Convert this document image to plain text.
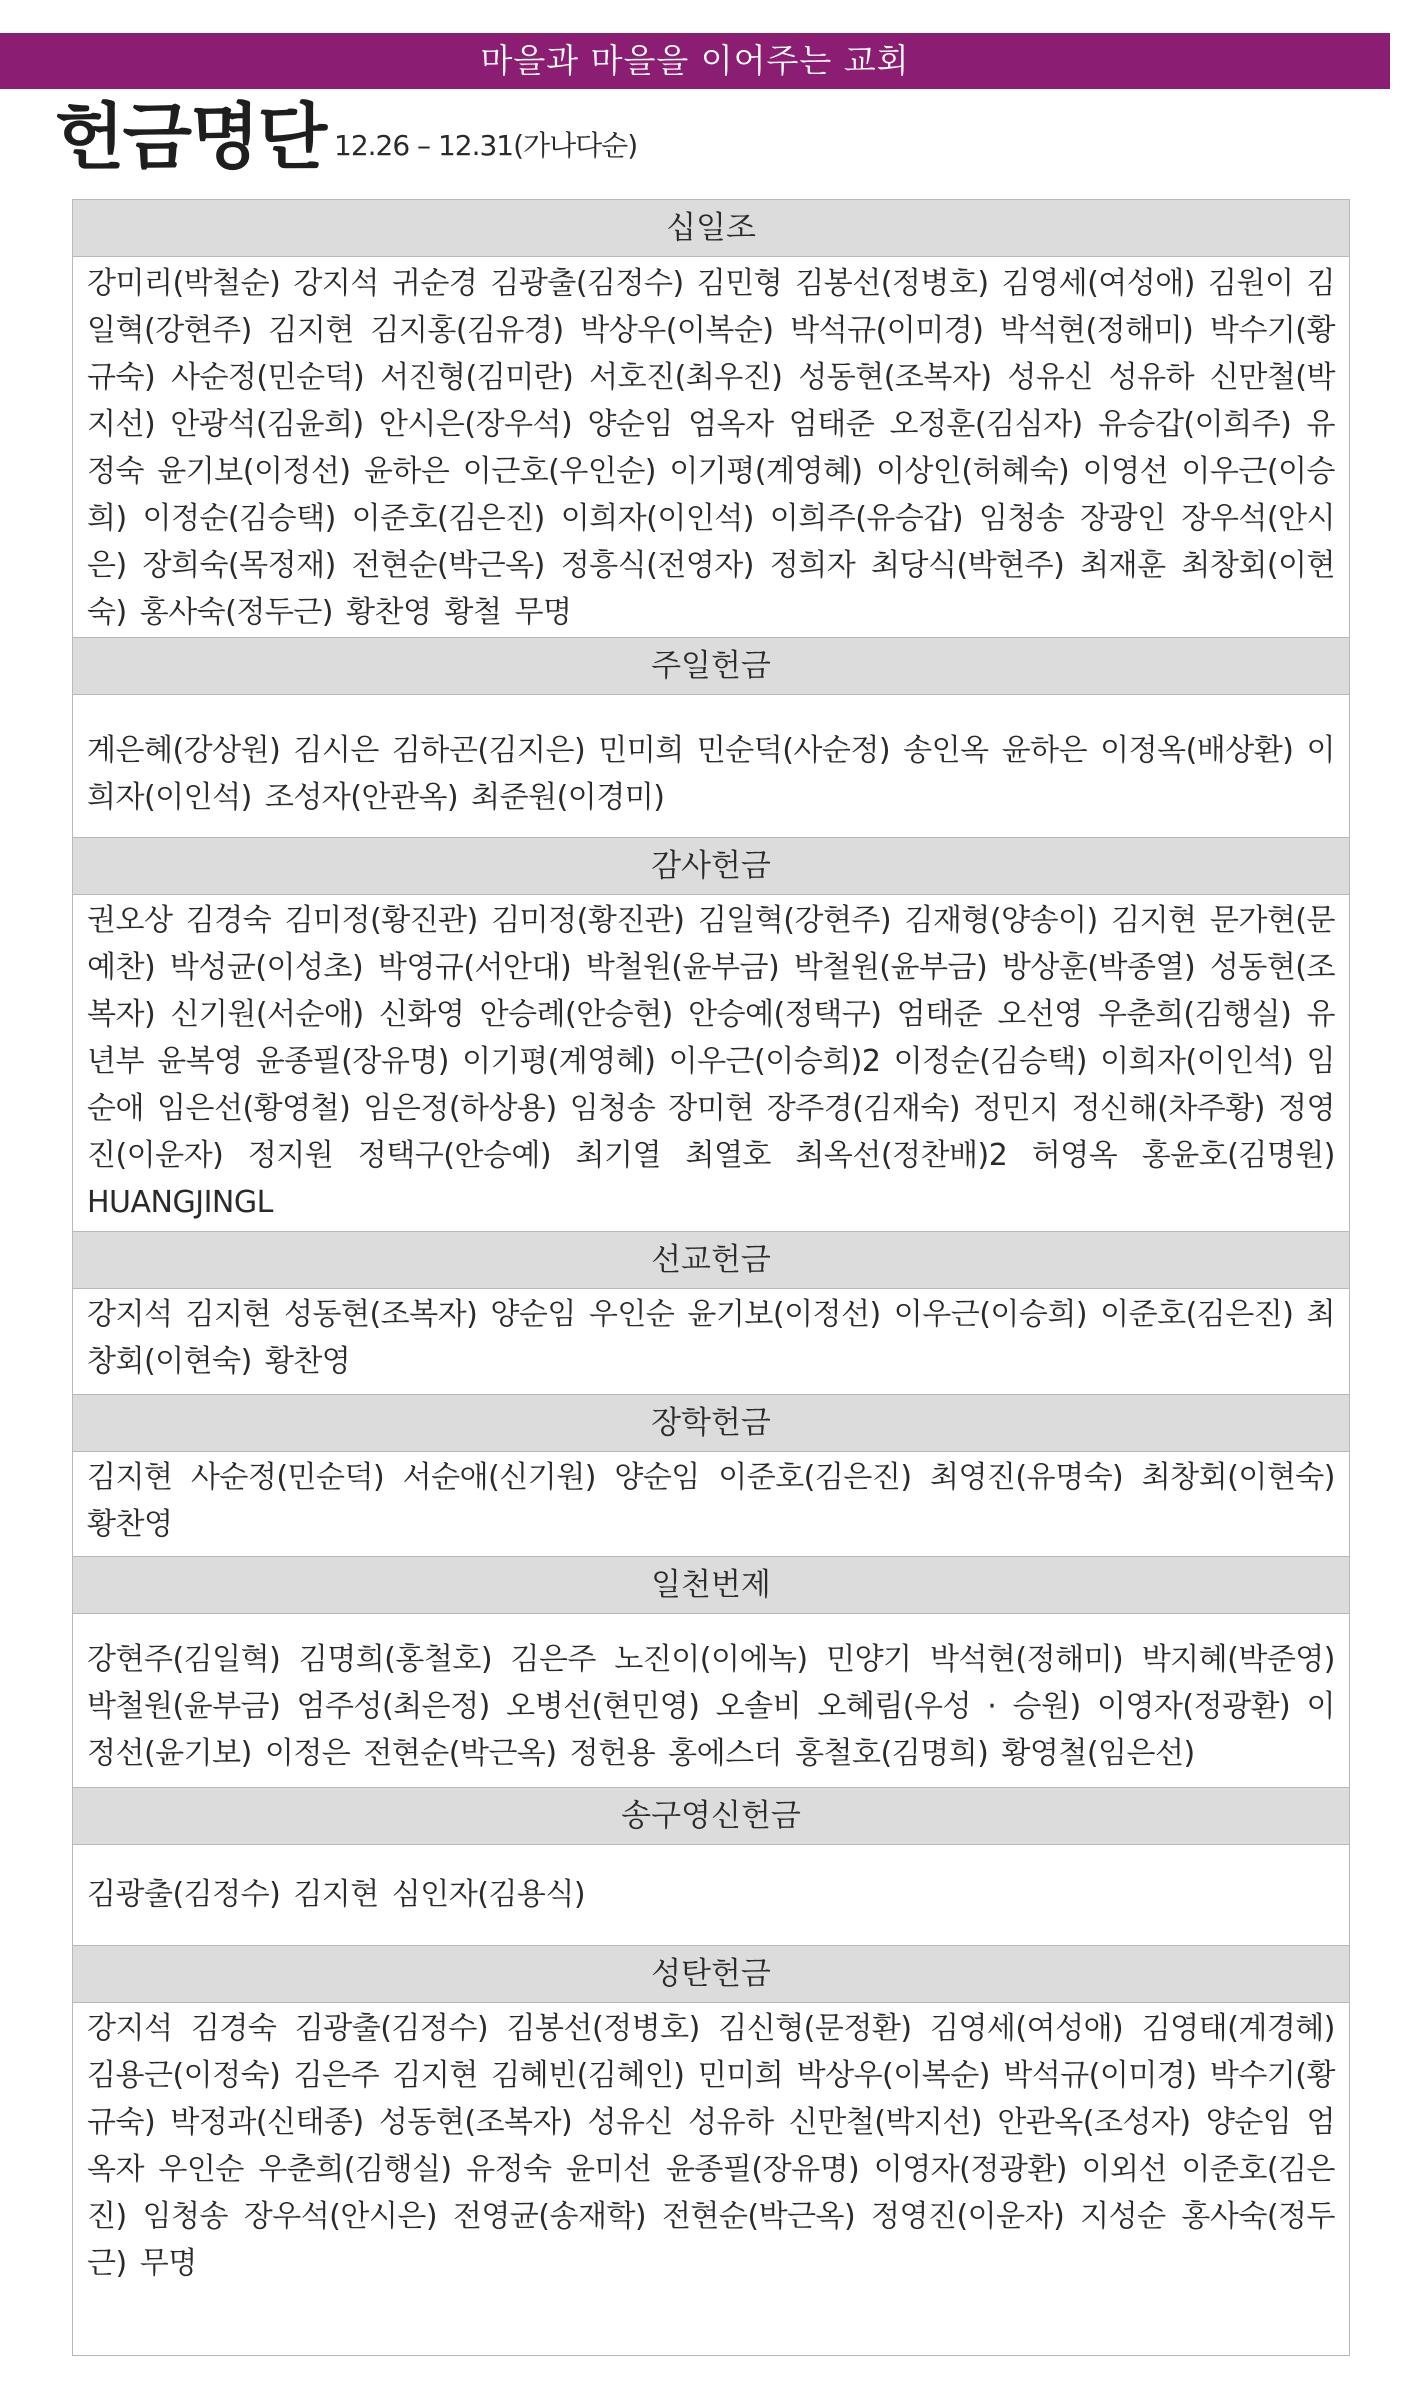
마을과 마을을 이어주는 교회
헌금명단 12.26 – 12.31(가나다순)
십일조
강미리(박철순) 강지석 귀순경 김광출(김정수) 김민형 김봉선(정병호) 김영세(여성애) 김원이 김일혁(강현주) 김지현 김지홍(김유경) 박상우(이복순) 박석규(이미경) 박석현(정해미) 박수기(황규숙) 사순정(민순덕) 서진형(김미란) 서호진(최우진) 성동현(조복자) 성유신 성유하 신만철(박지선) 안광석(김윤희) 안시은(장우석) 양순임 엄옥자 엄태준 오정훈(김심자) 유승갑(이희주) 유정숙 윤기보(이정선) 윤하은 이근호(우인순) 이기평(계영혜) 이상인(허혜숙) 이영선 이우근(이승희) 이정순(김승택) 이준호(김은진) 이희자(이인석) 이희주(유승갑) 임청송 장광인 장우석(안시은) 장희숙(목정재) 전현순(박근옥) 정흥식(전영자) 정희자 최당식(박현주) 최재훈 최창회(이현숙) 홍사숙(정두근) 황찬영 황철 무명
주일헌금
계은혜(강상원) 김시은 김하곤(김지은) 민미희 민순덕(사순정) 송인옥 윤하은 이정옥(배상환) 이희자(이인석) 조성자(안관옥) 최준원(이경미)
감사헌금
권오상 김경숙 김미정(황진관) 김미정(황진관) 김일혁(강현주) 김재형(양송이) 김지현 문가현(문예찬) 박성균(이성초) 박영규(서안대) 박철원(윤부금) 박철원(윤부금) 방상훈(박종열) 성동현(조복자) 신기원(서순애) 신화영 안승례(안승현) 안승예(정택구) 엄태준 오선영 우춘희(김행실) 유년부 윤복영 윤종필(장유명) 이기평(계영혜) 이우근(이승희)2 이정순(김승택) 이희자(이인석) 임순애 임은선(황영철) 임은정(하상용) 임청송 장미현 장주경(김재숙) 정민지 정신해(차주황) 정영진(이운자) 정지원 정택구(안승예) 최기열 최열호 최옥선(정찬배)2 허영옥 홍윤호(김명원) HUANGJINGL
선교헌금
강지석 김지현 성동현(조복자) 양순임 우인순 윤기보(이정선) 이우근(이승희) 이준호(김은진) 최창회(이현숙) 황찬영
장학헌금
김지현 사순정(민순덕) 서순애(신기원) 양순임 이준호(김은진) 최영진(유명숙) 최창회(이현숙) 황찬영
일천번제
강현주(김일혁) 김명희(홍철호) 김은주 노진이(이에녹) 민양기 박석현(정해미) 박지혜(박준영) 박철원(윤부금) 엄주성(최은정) 오병선(현민영) 오솔비 오혜림(우성 · 승원) 이영자(정광환) 이정선(윤기보) 이정은 전현순(박근옥) 정헌용 홍에스더 홍철호(김명희) 황영철(임은선)
송구영신헌금
김광출(김정수) 김지현 심인자(김용식)
성탄헌금
강지석 김경숙 김광출(김정수) 김봉선(정병호) 김신형(문정환) 김영세(여성애) 김영태(계경혜) 김용근(이정숙) 김은주 김지현 김혜빈(김혜인) 민미희 박상우(이복순) 박석규(이미경) 박수기(황규숙) 박정과(신태종) 성동현(조복자) 성유신 성유하 신만철(박지선) 안관옥(조성자) 양순임 엄옥자 우인순 우춘희(김행실) 유정숙 윤미선 윤종필(장유명) 이영자(정광환) 이외선 이준호(김은진) 임청송 장우석(안시은) 전영균(송재학) 전현순(박근옥) 정영진(이운자) 지성순 홍사숙(정두근) 무명
